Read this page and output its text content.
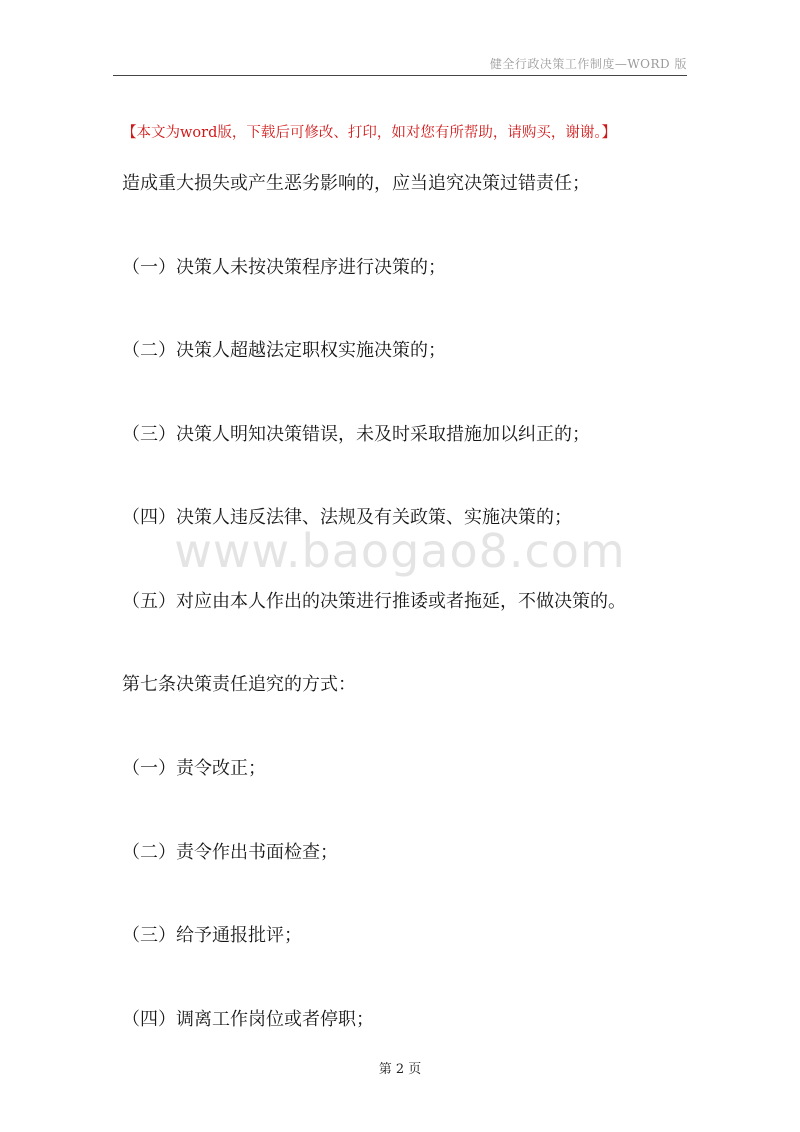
健全行政决策工作制度—WORD 版
【本文为word版，下载后可修改、打印，如对您有所帮助，请购买，谢谢。】
造成重大损失或产生恶劣影响的，应当追究决策过错责任；
（一）决策人未按决策程序进行决策的；
（二）决策人超越法定职权实施决策的；
（三）决策人明知决策错误，未及时采取措施加以纠正的；
（四）决策人违反法律、法规及有关政策、实施决策的；
www.baogao8.com
（五）对应由本人作出的决策进行推诿或者拖延，不做决策的。
第七条决策责任追究的方式：
（一）责令改正；
（二）责令作出书面检查；
（三）给予通报批评；
（四）调离工作岗位或者停职；
第 2 页
